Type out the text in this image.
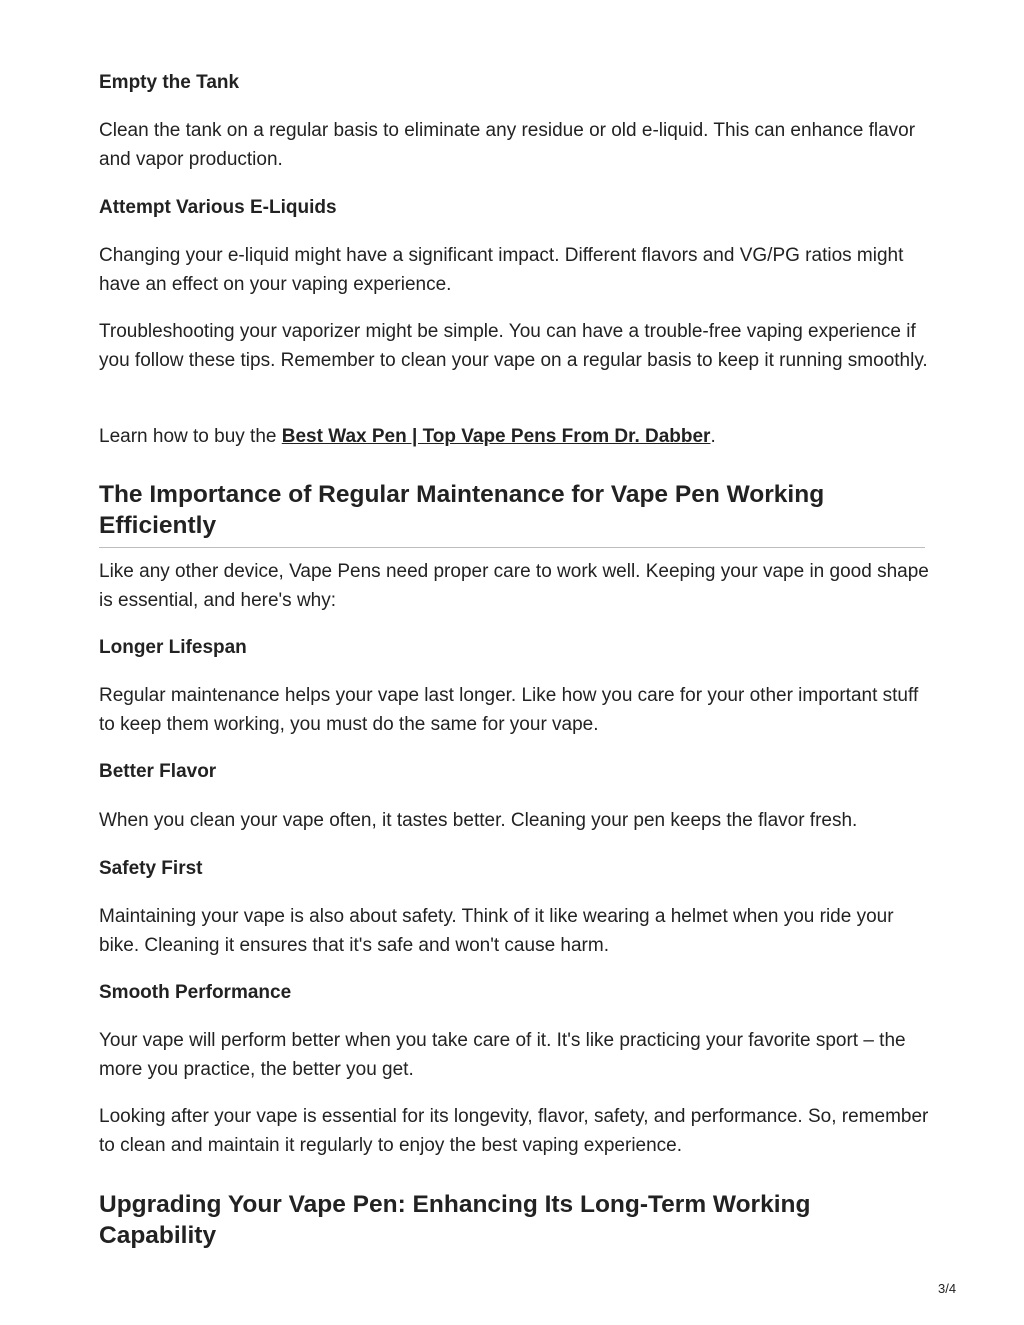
Empty the Tank

Clean the tank on a regular basis to eliminate any residue or old e-liquid. This can enhance flavor and vapor production.

Attempt Various E-Liquids

Changing your e-liquid might have a significant impact. Different flavors and VG/PG ratios might have an effect on your vaping experience.

Troubleshooting your vaporizer might be simple. You can have a trouble-free vaping experience if you follow these tips. Remember to clean your vape on a regular basis to keep it running smoothly.

Learn how to buy the Best Wax Pen | Top Vape Pens From Dr. Dabber.

The Importance of Regular Maintenance for Vape Pen Working Efficiently

Like any other device, Vape Pens need proper care to work well. Keeping your vape in good shape is essential, and here's why:

Longer Lifespan

Regular maintenance helps your vape last longer. Like how you care for your other important stuff to keep them working, you must do the same for your vape.

Better Flavor

When you clean your vape often, it tastes better. Cleaning your pen keeps the flavor fresh.

Safety First

Maintaining your vape is also about safety. Think of it like wearing a helmet when you ride your bike. Cleaning it ensures that it's safe and won't cause harm.

Smooth Performance

Your vape will perform better when you take care of it. It's like practicing your favorite sport – the more you practice, the better you get.

Looking after your vape is essential for its longevity, flavor, safety, and performance. So, remember to clean and maintain it regularly to enjoy the best vaping experience.

Upgrading Your Vape Pen: Enhancing Its Long-Term Working Capability
3/4
